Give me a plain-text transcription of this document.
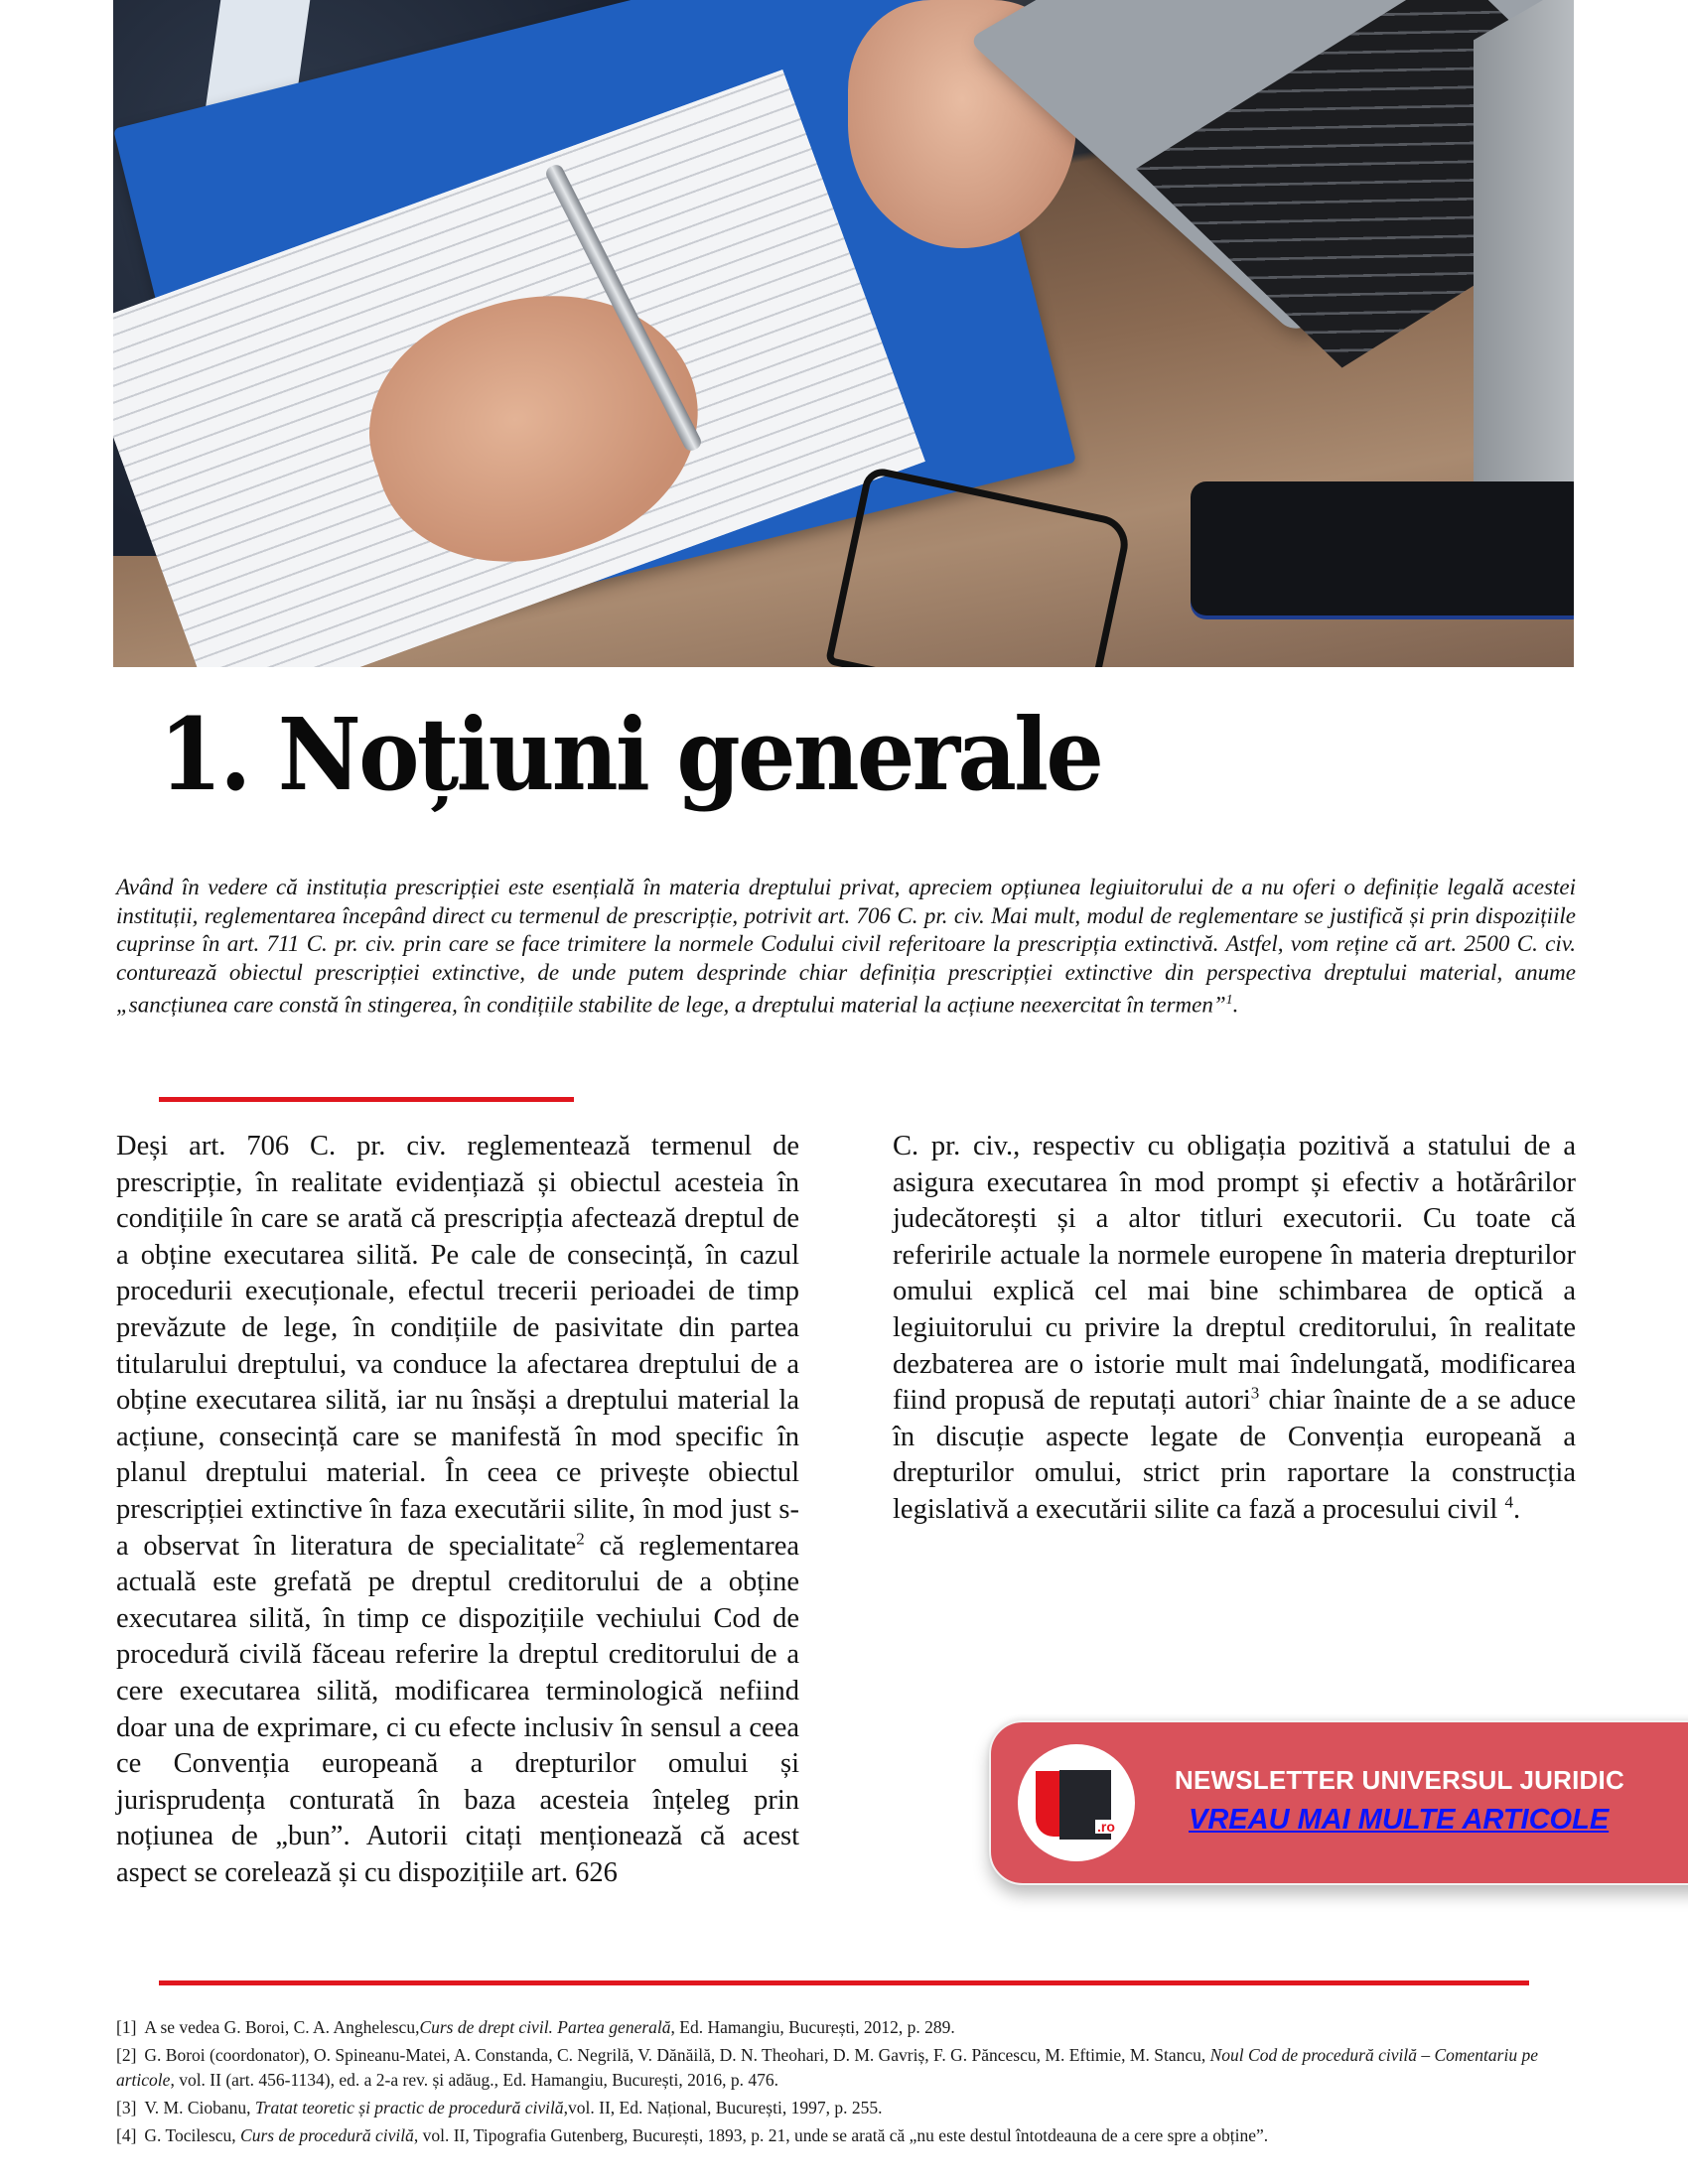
1. Noțiuni generale

Având în vedere că instituția prescripției este esențială în materia dreptului privat, apreciem opțiunea legiuitorului de a nu oferi o definiție legală acestei instituții, reglementarea începând direct cu termenul de prescripție, potrivit art. 706 C. pr. civ. Mai mult, modul de reglementare se justifică și prin dispozițiile cuprinse în art. 711 C. pr. civ. prin care se face trimitere la normele Codului civil referitoare la prescripția extinctivă. Astfel, vom reține că art. 2500 C. civ. conturează obiectul prescripției extinctive, de unde putem desprinde chiar definiția prescripției extinctive din perspectiva dreptului material, anume „sancțiunea care constă în stingerea, în condițiile stabilite de lege, a dreptului material la acțiune neexercitat în termen”$^1$.

Deși art. 706 C. pr. civ. reglementează termenul de prescripție, în realitate evidențiază și obiectul acesteia în condițiile în care se arată că prescripția afectează dreptul de a obține executarea silită. Pe cale de consecință, în cazul procedurii execuționale, efectul trecerii perioadei de timp prevăzute de lege, în condițiile de pasivitate din partea titularului dreptului, va conduce la afectarea dreptului de a obține executarea silită, iar nu însăși a dreptului material la acțiune, consecință care se manifestă în mod specific în planul dreptului material. În ceea ce privește obiectul prescripției extinctive în faza executării silite, în mod just s-a observat în literatura de specialitate$^2$ că reglementarea actuală este grefată pe dreptul creditorului de a obține executarea silită, în timp ce dispozițiile vechiului Cod de procedură civilă făceau referire la dreptul creditorului de a cere executarea silită, modificarea terminologică nefiind doar una de exprimare, ci cu efecte inclusiv în sensul a ceea ce Convenția europeană a drepturilor omului și jurisprudența conturată în baza acesteia înțeleg prin noțiunea de „bun”. Autorii citați menționează că acest aspect se corelează și cu dispozițiile art. 626

C. pr. civ., respectiv cu obligația pozitivă a statului de a asigura executarea în mod prompt și efectiv a hotărârilor judecătorești și a altor titluri executorii. Cu toate că referirile actuale la normele europene în materia drepturilor omului explică cel mai bine schimbarea de optică a legiuitorului cu privire la dreptul creditorului, în realitate dezbaterea are o istorie mult mai îndelungată, modificarea fiind propusă de reputați autori$^3$ chiar înainte de a se aduce în discuție aspecte legate de Convenția europeană a drepturilor omului, strict prin raportare la construcția legislativă a executării silite ca fază a procesului civil $^4$.

.ro
NEWSLETTER UNIVERSUL JURIDIC
VREAU MAI MULTE ARTICOLE
[1] A se vedea G. Boroi, C. A. Anghelescu,Curs de drept civil. Partea generală, Ed. Hamangiu, București, 2012, p. 289.
[2] G. Boroi (coordonator), O. Spineanu-Matei, A. Constanda, C. Negrilă, V. Dănăilă, D. N. Theohari, D. M. Gavriș, F. G. Păncescu, M. Eftimie, M. Stancu, Noul Cod de procedură civilă – Comentariu pe articole, vol. II (art. 456-1134), ed. a 2-a rev. și adăug., Ed. Hamangiu, București, 2016, p. 476.
[3] V. M. Ciobanu, Tratat teoretic și practic de procedură civilă,vol. II, Ed. Național, București, 1997, p. 255.
[4] G. Tocilescu, Curs de procedură civilă, vol. II, Tipografia Gutenberg, București, 1893, p. 21, unde se arată că „nu este destul întotdeauna de a cere spre a obține”.
